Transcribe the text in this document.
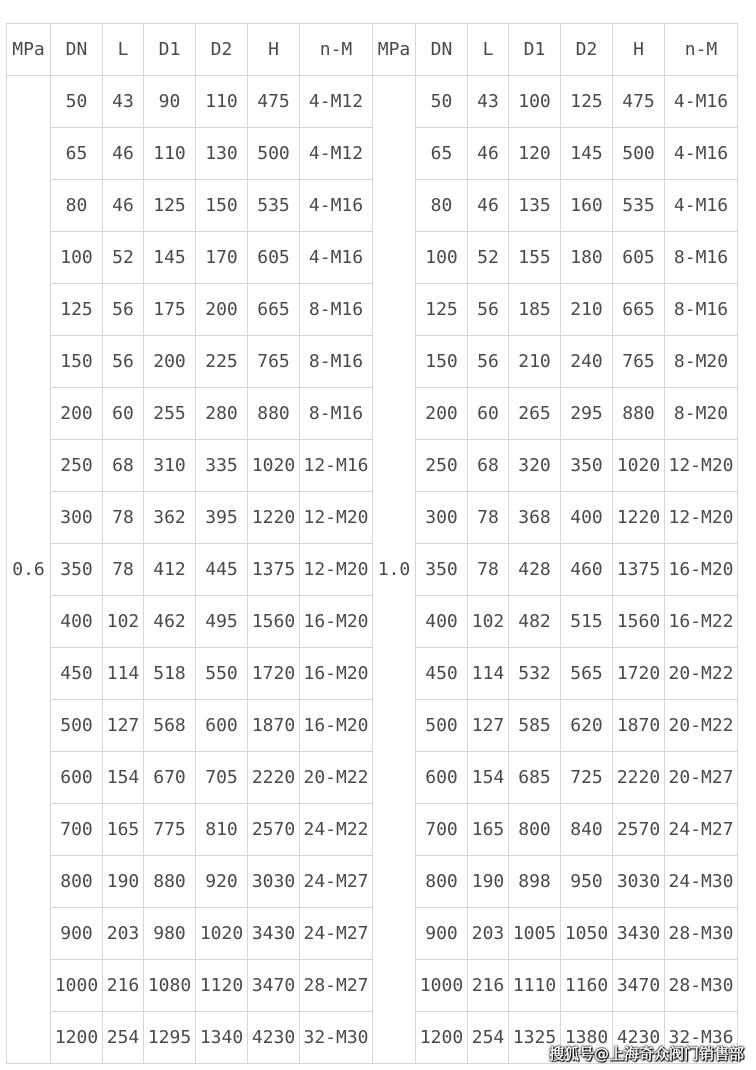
MPa	DN	L	D1	D2	H	n-M	MPa	DN	L	D1	D2	H	n-M
0.6	50	43	90	110	475	4-M12	1.0	50	43	100	125	475	4-M16
	65	46	110	130	500	4-M12		65	46	120	145	500	4-M16
	80	46	125	150	535	4-M16		80	46	135	160	535	4-M16
	100	52	145	170	605	4-M16		100	52	155	180	605	8-M16
	125	56	175	200	665	8-M16		125	56	185	210	665	8-M16
	150	56	200	225	765	8-M16		150	56	210	240	765	8-M20
	200	60	255	280	880	8-M16		200	60	265	295	880	8-M20
	250	68	310	335	1020	12-M16		250	68	320	350	1020	12-M20
	300	78	362	395	1220	12-M20		300	78	368	400	1220	12-M20
	350	78	412	445	1375	12-M20		350	78	428	460	1375	16-M20
	400	102	462	495	1560	16-M20		400	102	482	515	1560	16-M22
	450	114	518	550	1720	16-M20		450	114	532	565	1720	20-M22
	500	127	568	600	1870	16-M20		500	127	585	620	1870	20-M22
	600	154	670	705	2220	20-M22		600	154	685	725	2220	20-M27
	700	165	775	810	2570	24-M22		700	165	800	840	2570	24-M27
	800	190	880	920	3030	24-M27		800	190	898	950	3030	24-M30
	900	203	980	1020	3430	24-M27		900	203	1005	1050	3430	28-M30
	1000	216	1080	1120	3470	28-M27		1000	216	1110	1160	3470	28-M30
	1200	254	1295	1340	4230	32-M30		1200	254	1325	1380	4230	32-M36
搜狐号@上海奇众阀门销售部
